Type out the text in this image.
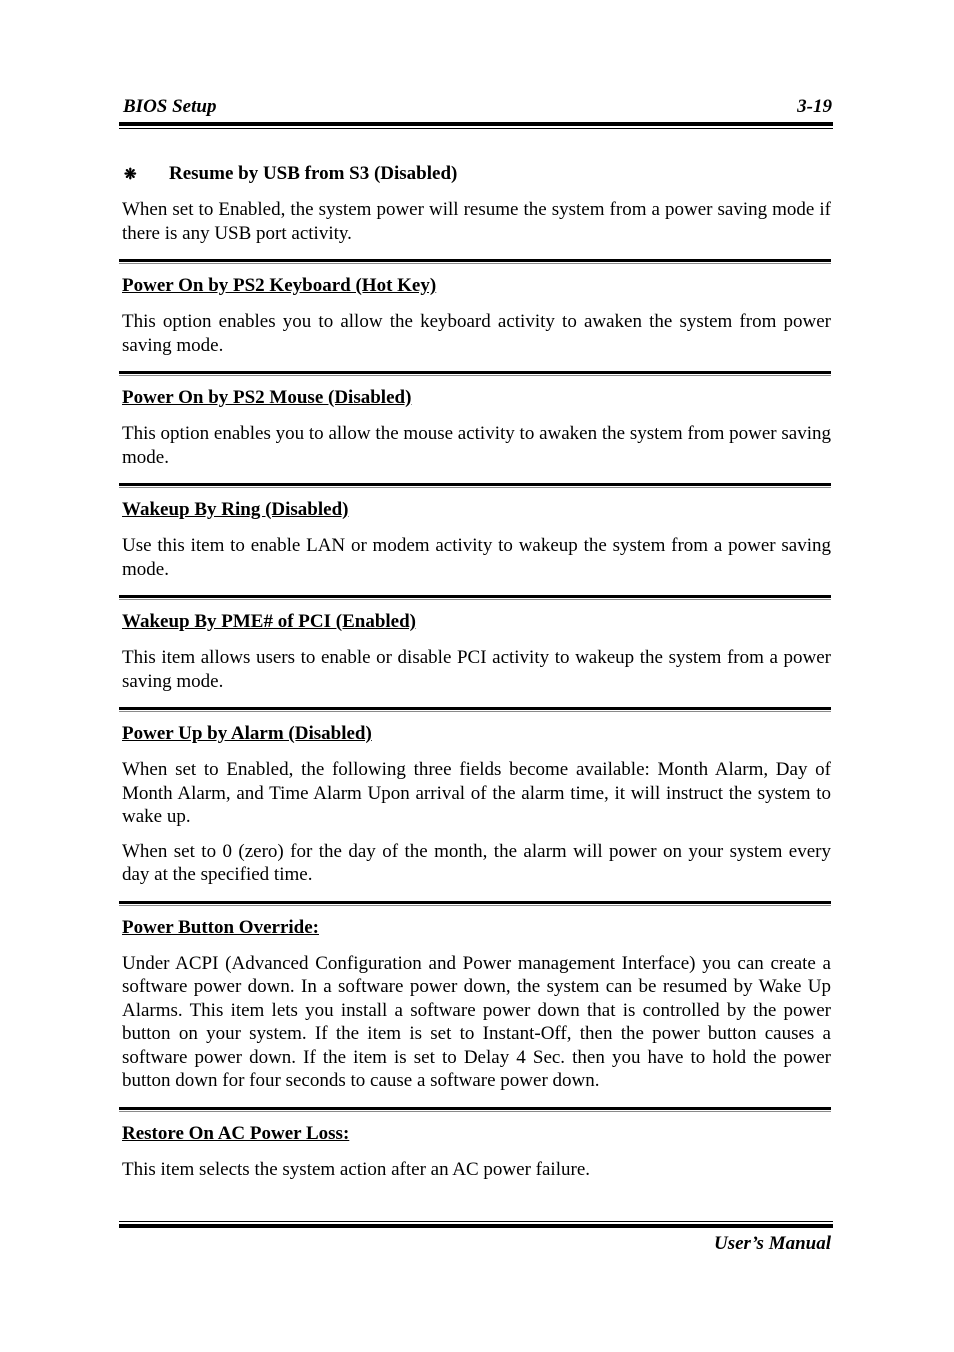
BIOS Setup	3-19
❋	Resume by USB from S3 (Disabled)

When set to Enabled, the system power will resume the system from a power saving mode if there is any USB port activity.

Power On by PS2 Keyboard (Hot Key)

This option enables you to allow the keyboard activity to awaken the system from power saving mode.

Power On by PS2 Mouse (Disabled)

This option enables you to allow the mouse activity to awaken the system from power saving mode.

Wakeup By Ring (Disabled)

Use this item to enable LAN or modem activity to wakeup the system from a power saving mode.

Wakeup By PME# of PCI (Enabled)

This item allows users to enable or disable PCI activity to wakeup the system from a power saving mode.

Power Up by Alarm (Disabled)

When set to Enabled, the following three fields become available: Month Alarm, Day of Month Alarm, and Time Alarm Upon arrival of the alarm time, it will instruct the system to wake up.

When set to 0 (zero) for the day of the month, the alarm will power on your system every day at the specified time.

Power Button Override:

Under ACPI (Advanced Configuration and Power management Interface) you can create a software power down. In a software power down, the system can be resumed by Wake Up Alarms. This item lets you install a software power down that is controlled by the power button on your system. If the item is set to Instant-Off, then the power button causes a software power down. If the item is set to Delay 4 Sec. then you have to hold the power button down for four seconds to cause a software power down.

Restore On AC Power Loss:

This item selects the system action after an AC power failure.

User’s Manual
